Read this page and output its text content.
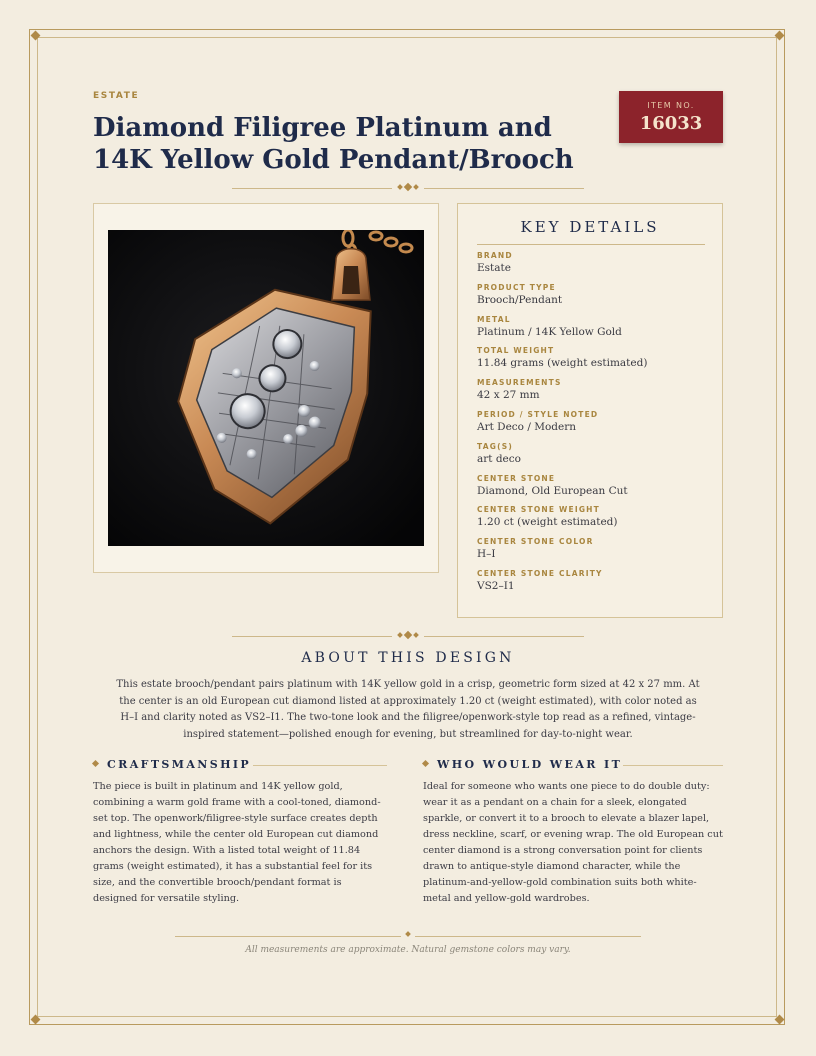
ESTATE
Diamond Filigree Platinum and 14K Yellow Gold Pendant/Brooch
ITEM NO.
16033
KEY DETAILS
BRAND
Estate
PRODUCT TYPE
Brooch/Pendant
METAL
Platinum / 14K Yellow Gold
TOTAL WEIGHT
11.84 grams (weight estimated)
MEASUREMENTS
42 x 27 mm
PERIOD / STYLE NOTED
Art Deco / Modern
TAG(S)
art deco
CENTER STONE
Diamond, Old European Cut
CENTER STONE WEIGHT
1.20 ct (weight estimated)
CENTER STONE COLOR
H–I
CENTER STONE CLARITY
VS2–I1
ABOUT THIS DESIGN
This estate brooch/pendant pairs platinum with 14K yellow gold in a crisp, geometric form sized at 42 x 27 mm. At the center is an old European cut diamond listed at approximately 1.20 ct (weight estimated), with color noted as H–I and clarity noted as VS2–I1. The two-tone look and the filigree/openwork-style top read as a refined, vintage-inspired statement—polished enough for evening, but streamlined for day-to-night wear.
CRAFTSMANSHIP
The piece is built in platinum and 14K yellow gold, combining a warm gold frame with a cool-toned, diamond-set top. The openwork/filigree-style surface creates depth and lightness, while the center old European cut diamond anchors the design. With a listed total weight of 11.84 grams (weight estimated), it has a substantial feel for its size, and the convertible brooch/pendant format is designed for versatile styling.
WHO WOULD WEAR IT
Ideal for someone who wants one piece to do double duty: wear it as a pendant on a chain for a sleek, elongated sparkle, or convert it to a brooch to elevate a blazer lapel, dress neckline, scarf, or evening wrap. The old European cut center diamond is a strong conversation point for clients drawn to antique-style diamond character, while the platinum-and-yellow-gold combination suits both white-metal and yellow-gold wardrobes.
All measurements are approximate. Natural gemstone colors may vary.
